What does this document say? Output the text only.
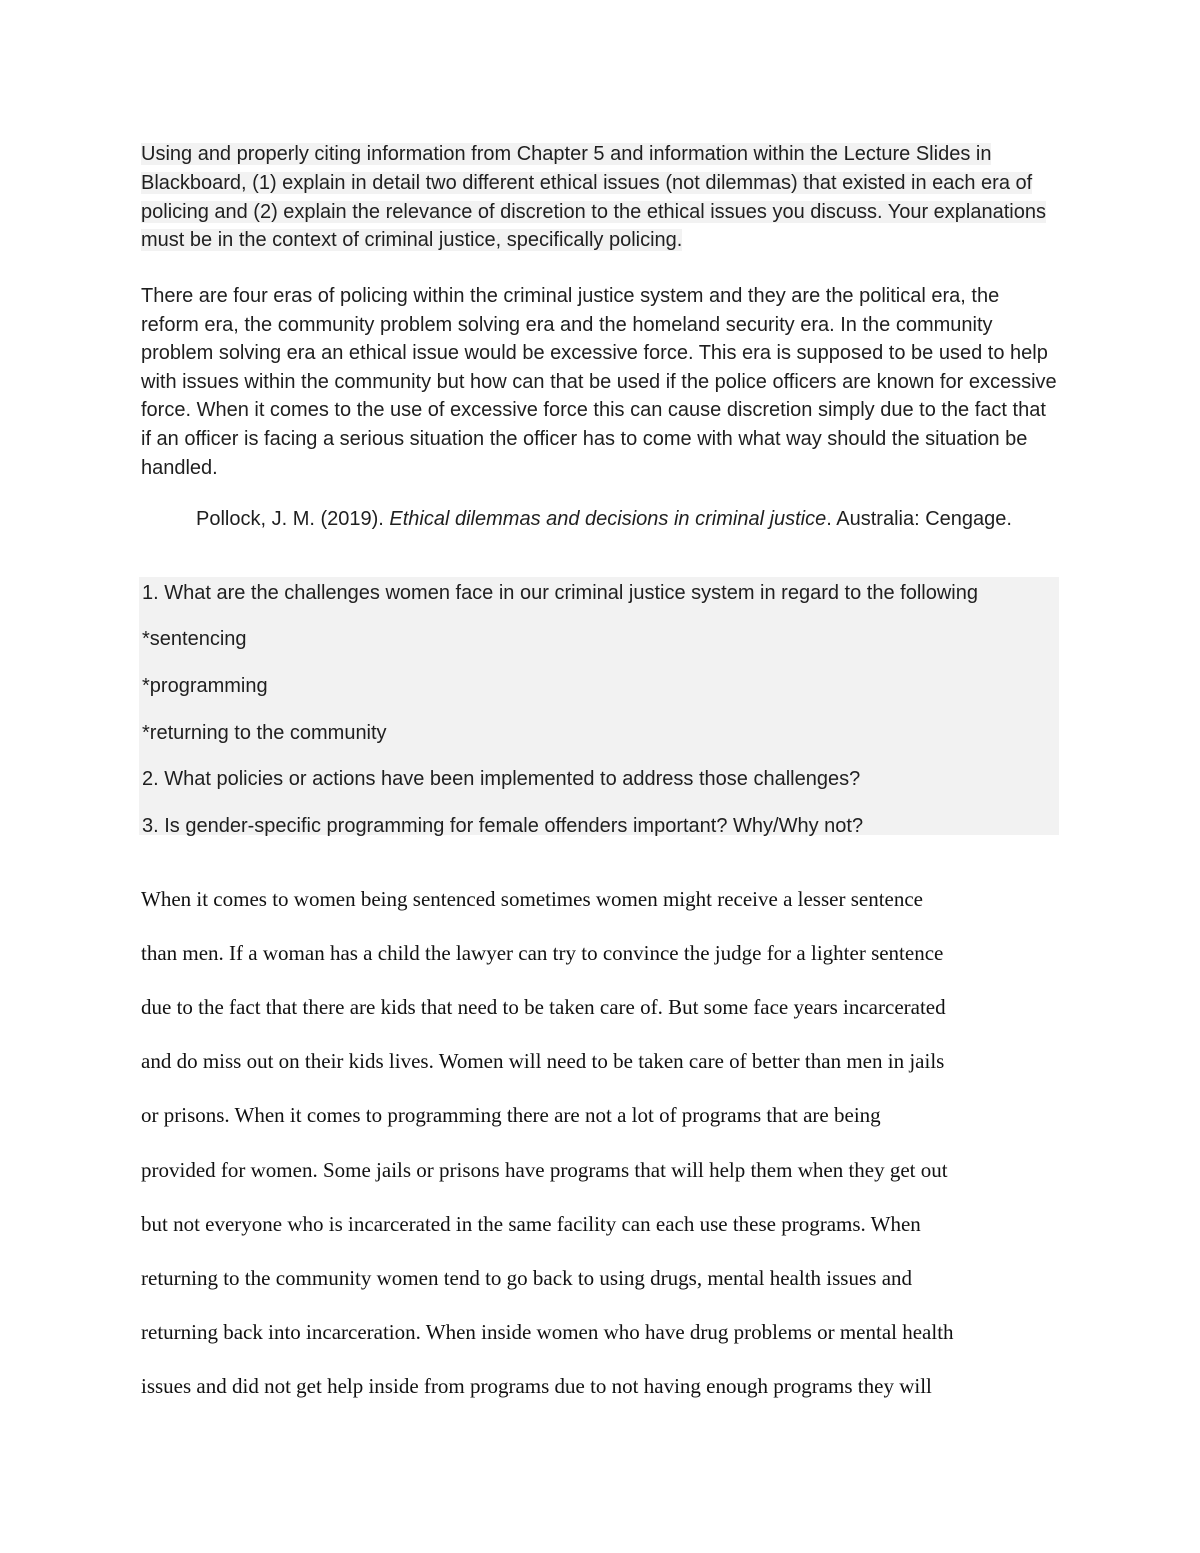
Using and properly citing information from Chapter 5 and information within the Lecture Slides in Blackboard, (1) explain in detail two different ethical issues (not dilemmas) that existed in each era of policing and (2) explain the relevance of discretion to the ethical issues you discuss. Your explanations must be in the context of criminal justice, specifically policing.

There are four eras of policing within the criminal justice system and they are the political era, the reform era, the community problem solving era and the homeland security era. In the community problem solving era an ethical issue would be excessive force. This era is supposed to be used to help with issues within the community but how can that be used if the police officers are known for excessive force. When it comes to the use of excessive force this can cause discretion simply due to the fact that if an officer is facing a serious situation the officer has to come with what way should the situation be handled.

Pollock, J. M. (2019). Ethical dilemmas and decisions in criminal justice. Australia: Cengage.

1. What are the challenges women face in our criminal justice system in regard to the following
*sentencing
*programming
*returning to the community
2. What policies or actions have been implemented to address those challenges?
3. Is gender-specific programming for female offenders important? Why/Why not?
When it comes to women being sentenced sometimes women might receive a lesser sentence
than men. If a woman has a child the lawyer can try to convince the judge for a lighter sentence
due to the fact that there are kids that need to be taken care of. But some face years incarcerated
and do miss out on their kids lives. Women will need to be taken care of better than men in jails
or prisons. When it comes to programming there are not a lot of programs that are being
provided for women. Some jails or prisons have programs that will help them when they get out
but not everyone who is incarcerated in the same facility can each use these programs. When
returning to the community women tend to go back to using drugs, mental health issues and
returning back into incarceration. When inside women who have drug problems or mental health
issues and did not get help inside from programs due to not having enough programs they will
